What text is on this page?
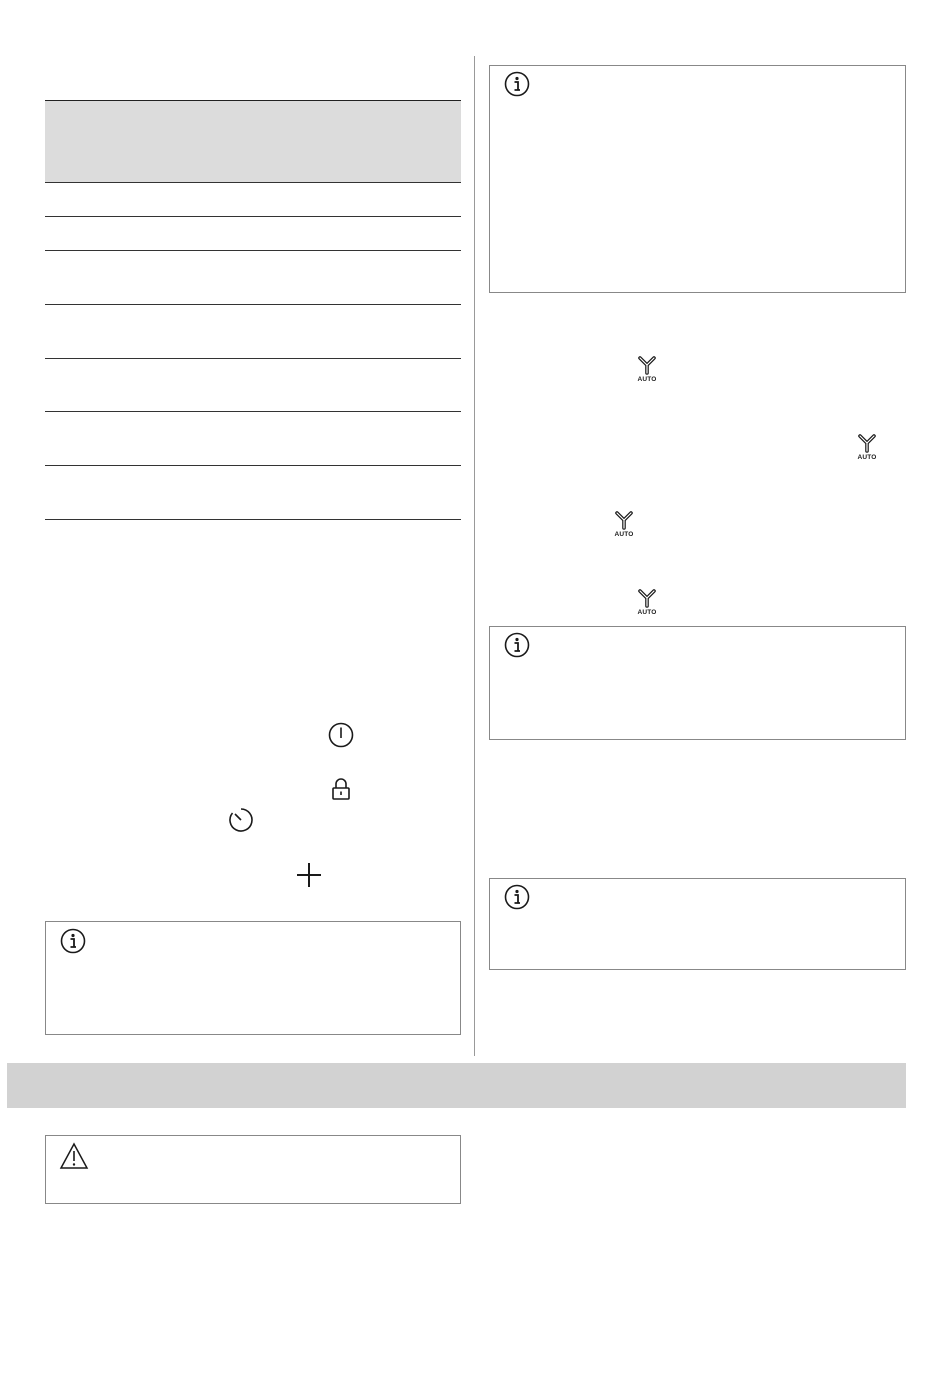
AUTO
AUTO
AUTO
AUTO
